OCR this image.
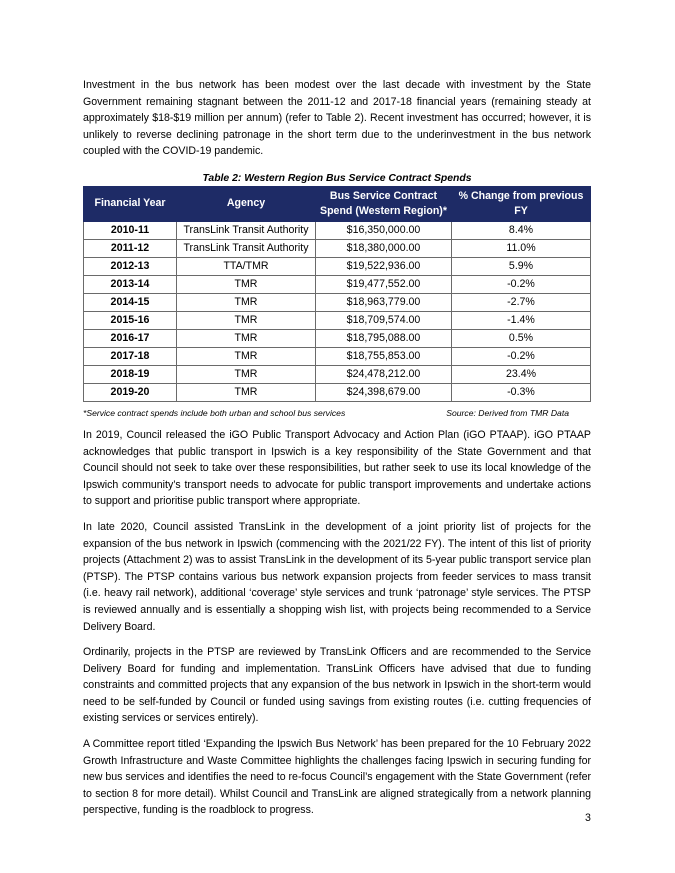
Investment in the bus network has been modest over the last decade with investment by the State Government remaining stagnant between the 2011-12 and 2017-18 financial years (remaining steady at approximately $18-$19 million per annum) (refer to Table 2). Recent investment has occurred; however, it is unlikely to reverse declining patronage in the short term due to the underinvestment in the bus network coupled with the COVID-19 pandemic.

Table 2: Western Region Bus Service Contract Spends
Financial Year	Agency	Bus Service Contract Spend (Western Region)*	% Change from previous FY
2010-11	TransLink Transit Authority	$16,350,000.00	8.4%
2011-12	TransLink Transit Authority	$18,380,000.00	11.0%
2012-13	TTA/TMR	$19,522,936.00	5.9%
2013-14	TMR	$19,477,552.00	-0.2%
2014-15	TMR	$18,963,779.00	-2.7%
2015-16	TMR	$18,709,574.00	-1.4%
2016-17	TMR	$18,795,088.00	0.5%
2017-18	TMR	$18,755,853.00	-0.2%
2018-19	TMR	$24,478,212.00	23.4%
2019-20	TMR	$24,398,679.00	-0.3%
*Service contract spends include both urban and school bus services	Source: Derived from TMR Data

In 2019, Council released the iGO Public Transport Advocacy and Action Plan (iGO PTAAP). iGO PTAAP acknowledges that public transport in Ipswich is a key responsibility of the State Government and that Council should not seek to take over these responsibilities, but rather seek to use its local knowledge of the Ipswich community’s transport needs to advocate for public transport improvements and undertake actions to support and prioritise public transport where appropriate.

In late 2020, Council assisted TransLink in the development of a joint priority list of projects for the expansion of the bus network in Ipswich (commencing with the 2021/22 FY). The intent of this list of priority projects (Attachment 2) was to assist TransLink in the development of its 5-year public transport service plan (PTSP). The PTSP contains various bus network expansion projects from feeder services to mass transit (i.e. heavy rail network), additional ‘coverage’ style services and trunk ‘patronage’ style services. The PTSP is reviewed annually and is essentially a shopping wish list, with projects being recommended to a Service Delivery Board.

Ordinarily, projects in the PTSP are reviewed by TransLink Officers and are recommended to the Service Delivery Board for funding and implementation. TransLink Officers have advised that due to funding constraints and committed projects that any expansion of the bus network in Ipswich in the short-term would need to be self-funded by Council or funded using savings from existing routes (i.e. cutting frequencies of existing services or services entirely).

A Committee report titled ‘Expanding the Ipswich Bus Network’ has been prepared for the 10 February 2022 Growth Infrastructure and Waste Committee highlights the challenges facing Ipswich in securing funding for new bus services and identifies the need to re-focus Council’s engagement with the State Government (refer to section 8 for more detail). Whilst Council and TransLink are aligned strategically from a network planning perspective, funding is the roadblock to progress.

3
